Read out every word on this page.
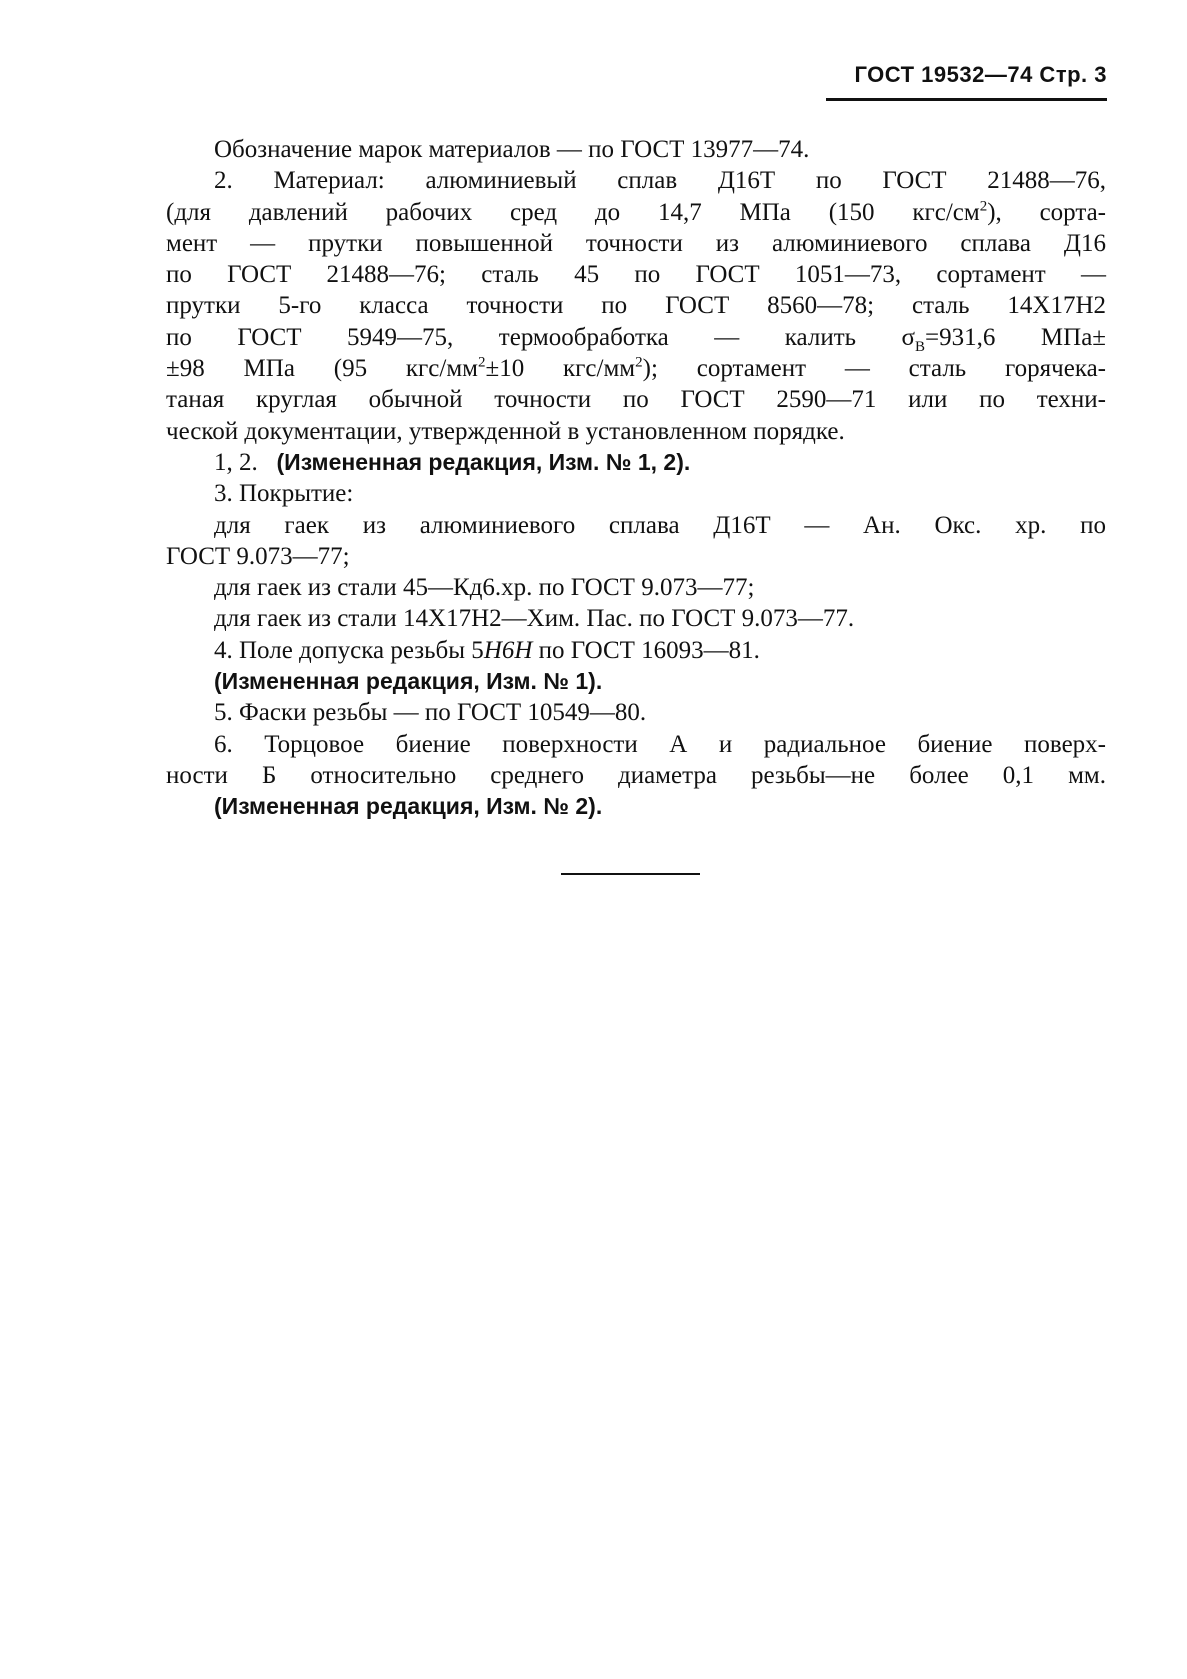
ГОСТ 19532—74 Стр. 3
Обозначение марок материалов — по ГОСТ 13977—74.
2. Материал: алюминиевый сплав Д16Т по ГОСТ 21488—76,
(для давлений рабочих сред до 14,7 МПа (150 кгс/$см^2$), сорта-
мент — прутки повышенной точности из алюминиевого сплава Д16
по ГОСТ 21488—76; сталь 45 по ГОСТ 1051—73, сортамент —
прутки 5-го класса точности по ГОСТ 8560—78; сталь 14Х17Н2
по ГОСТ 5949—75, термообработка — калить $\sigma_В=931,6$ МПа±
±98 МПа (95 кгс/$мм^2\pm 10$ кгс/$мм^2$); сортамент — сталь горячека-
таная круглая обычной точности по ГОСТ 2590—71 или по техни-
ческой документации, утвержденной в установленном порядке.
1, 2. (Измененная редакция, Изм. № 1, 2).
3. Покрытие:
для гаек из алюминиевого сплава Д16Т — Ан. Окс. хр. по
ГОСТ 9.073—77;
для гаек из стали 45—Кд6.хр. по ГОСТ 9.073—77;
для гаек из стали 14Х17Н2—Хим. Пас. по ГОСТ 9.073—77.
4. Поле допуска резьбы 5Н6Н по ГОСТ 16093—81.
(Измененная редакция, Изм. № 1).
5. Фаски резьбы — по ГОСТ 10549—80.
6. Торцовое биение поверхности А и радиальное биение поверх-
ности Б относительно среднего диаметра резьбы—не более 0,1 мм.
(Измененная редакция, Изм. № 2).
